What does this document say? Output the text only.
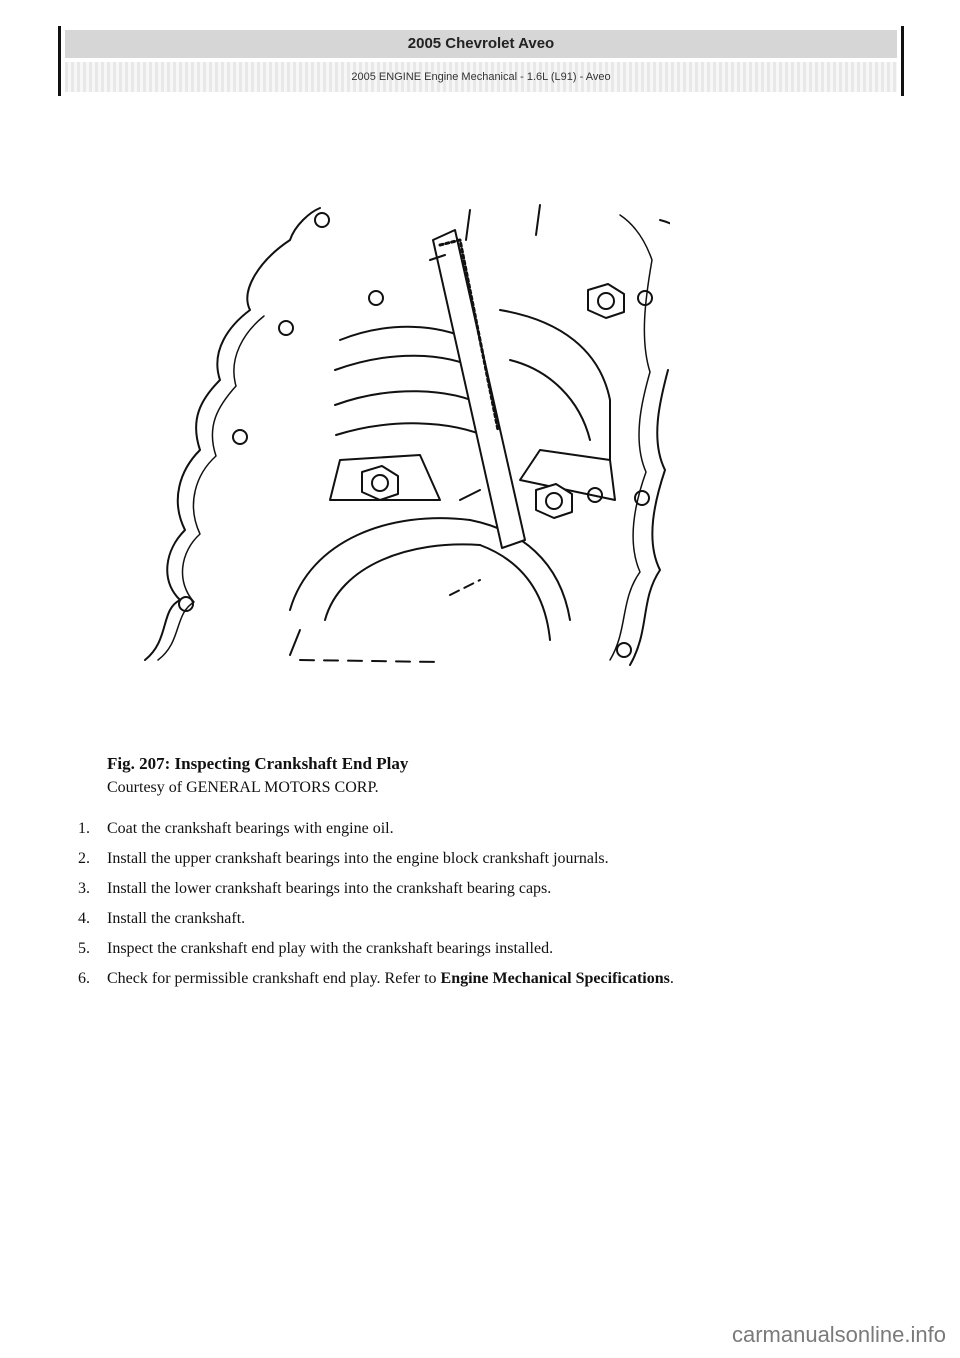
2005 Chevrolet Aveo
2005 ENGINE Engine Mechanical - 1.6L (L91) - Aveo
Fig. 207: Inspecting Crankshaft End Play
Courtesy of GENERAL MOTORS CORP.
1. Coat the crankshaft bearings with engine oil.
2. Install the upper crankshaft bearings into the engine block crankshaft journals.
3. Install the lower crankshaft bearings into the crankshaft bearing caps.
4. Install the crankshaft.
5. Inspect the crankshaft end play with the crankshaft bearings installed.
6. Check for permissible crankshaft end play. Refer to Engine Mechanical Specifications.
carmanualsonline.info
